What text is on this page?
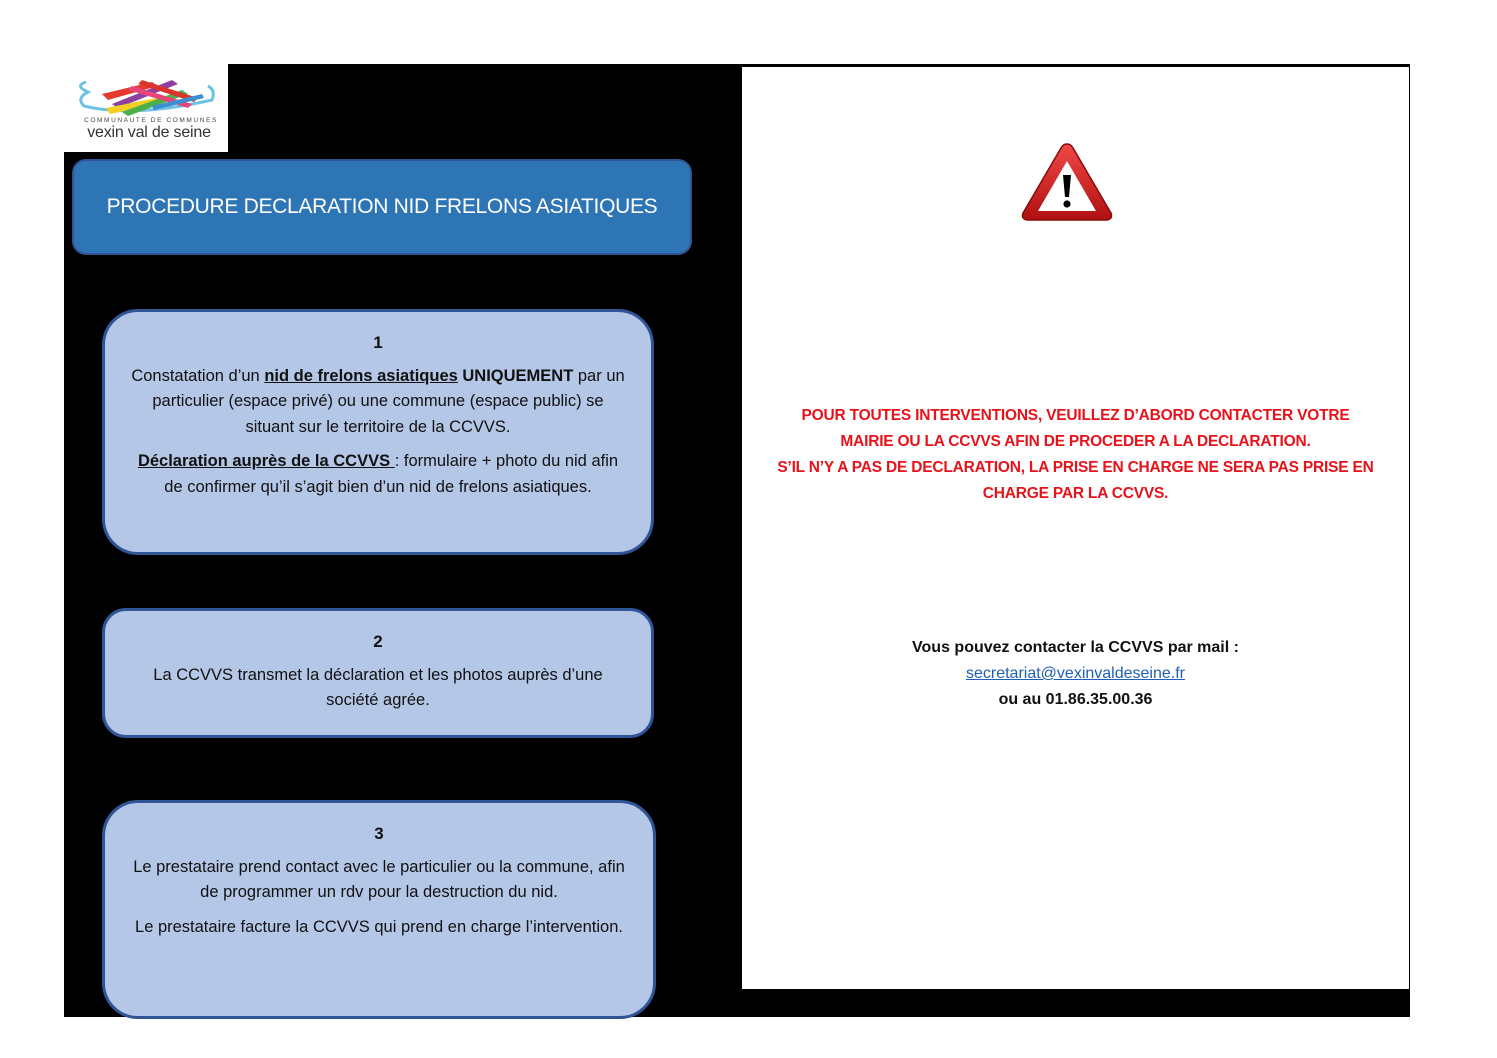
COMMUNAUTE DE COMMUNES
vexin val de seine
PROCEDURE DECLARATION NID FRELONS ASIATIQUES
1

Constatation d’un nid de frelons asiatiques UNIQUEMENT par un particulier (espace privé) ou une commune (espace public) se situant sur le territoire de la CCVVS.

Déclaration auprès de la CCVVS : formulaire + photo du nid afin de confirmer qu’il s’agit bien d’un nid de frelons asiatiques.

2

La CCVVS transmet la déclaration et les photos auprès d’une société agrée.

3

Le prestataire prend contact avec le particulier ou la commune, afin de programmer un rdv pour la destruction du nid.

Le prestataire facture la CCVVS qui prend en charge l’intervention.

POUR TOUTES INTERVENTIONS, VEUILLEZ D’ABORD CONTACTER VOTRE
MAIRIE OU LA CCVVS AFIN DE PROCEDER A LA DECLARATION.
S’IL N’Y A PAS DE DECLARATION, LA PRISE EN CHARGE NE SERA PAS PRISE EN
CHARGE PAR LA CCVVS.
Vous pouvez contacter la CCVVS par mail :
secretariat@vexinvaldeseine.fr
ou au 01.86.35.00.36
